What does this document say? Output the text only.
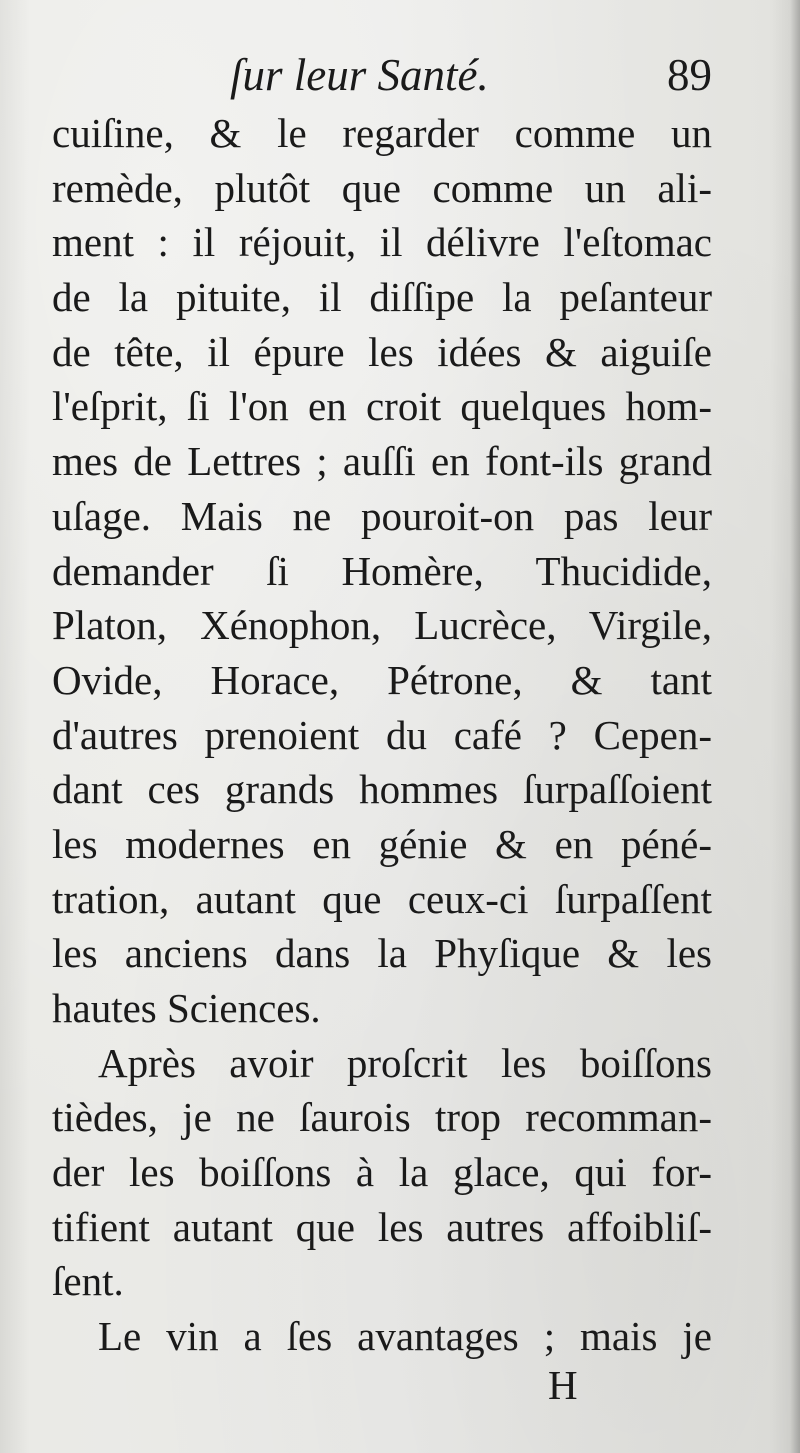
ſur leur Santé.	89
cuiſine, & le regarder comme un
remède, plutôt que comme un ali-
ment : il réjouit, il délivre l'eſtomac
de la pituite, il diſſipe la peſanteur
de tête, il épure les idées & aiguiſe
l'eſprit, ſi l'on en croit quelques hom-
mes de Lettres ; auſſi en font-ils grand
uſage. Mais ne pouroit-on pas leur
demander ſi Homère, Thucidide,
Platon, Xénophon, Lucrèce, Virgile,
Ovide, Horace, Pétrone, & tant
d'autres prenoient du café ? Cepen-
dant ces grands hommes ſurpaſſoient
les modernes en génie & en péné-
tration, autant que ceux-ci ſurpaſſent
les anciens dans la Phyſique & les
hautes Sciences.
Après avoir proſcrit les boiſſons
tièdes, je ne ſaurois trop recomman-
der les boiſſons à la glace, qui for-
tifient autant que les autres affoibliſ-
ſent.
Le vin a ſes avantages ; mais je
H
